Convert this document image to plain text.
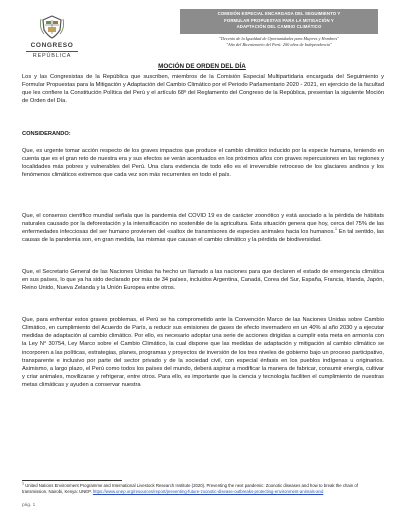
CONGRESO
REPÚBLICA
COMISIÓN ESPECIAL ENCARGADA DEL SEGUIMIENTO Y
FORMULAR PROPUESTAS PARA LA MITIGACIÓN Y
ADAPTACIÓN DEL CAMBIO CLIMÁTICO
"Decenio de la Igualdad de Oportunidades para Mujeres y Hombres"
"Año del Bicentenario del Perú: 200 años de Independencia"
MOCIÓN DE ORDEN DEL DÍA

Los y las Congresistas de la República que suscriben, miembros de la Comisión Especial Multipartidaria encargada del Seguimiento y Formular Propuestas para la Mitigación y Adaptación del Cambio Climático por el Periodo Parlamentario 2020 - 2021, en ejercicio de la facultad que les confiere la Constitución Política del Perú y el artículo 68º del Reglamento del Congreso de la República, presentan la siguiente Moción de Orden del Día.

CONSIDERANDO:

Que, es urgente tomar acción respecto de los graves impactos que produce el cambio climático inducido por la especie humana, teniendo en cuenta que es el gran reto de nuestra era y sus efectos se verán acentuados en los próximos años con graves repercusiones en las regiones y localidades más pobres y vulnerables del Perú. Una clara evidencia de todo ello es el irreversible retroceso de los glaciares andinos y los fenómenos climáticos extremos que cada vez son más recurrentes en todo el país.

Que, el consenso científico mundial señala que la pandemia del COVID 19 es de carácter zoonótico y está asociado a la pérdida de hábitats naturales causado por la deforestación y la intensificación no sostenible de la agricultura. Esta situación genera que hoy, cerca del 75% de las enfermedades infecciosas del ser humano provienen del «saltox de transmisores de especies animales hacia los humanos.$^1$ En tal sentido, las causas de la pandemia son, en gran medida, las mismas que causan el cambio climático y la pérdida de biodiversidad.

Que, el Secretario General de las Naciones Unidas ha hecho un llamado a las naciones para que declaren el estado de emergencia climática en sus países, lo que ya ha sido declarado por más de 34 países, incluidos Argentina, Canadá, Corea del Sur, España, Francia, Irlanda, Japón, Reino Unido, Nueva Zelanda y la Unión Europea entre otros.

Que, para enfrentar estos graves problemas, el Perú se ha comprometido ante la Convención Marco de las Naciones Unidas sobre Cambio Climático, en cumplimiento del Acuerdo de París, a reducir sus emisiones de gases de efecto invernadero en un 40% al año 2030 y a ejecutar medidas de adaptación al cambio climático. Por ello, es necesario adoptar una serie de acciones dirigidas a cumplir esta meta en armonía con la Ley N° 30754, Ley Marco sobre el Cambio Climático, la cual dispone que las medidas de adaptación y mitigación al cambio climático se incorporen a las políticas, estrategias, planes, programas y proyectos de inversión de los tres niveles de gobierno bajo un proceso participativo, transparente e inclusivo por parte del sector privado y de la sociedad civil, con especial énfasis en los pueblos indígenas u originarios. Asimismo, a largo plazo, el Perú como todos los países del mundo, deberá aspirar a modificar la manera de fabricar, consumir energía, cultivar y criar animales, movilizarse y refrigerar, entre otros. Para ello, es importante que la ciencia y tecnología faciliten el cumplimiento de nuestras metas climáticas y ayuden a conservar nuestra

$^1$ United Nations Environment Programme and International Livestock Research Institute (2020). Preventing the next pandemic: Zoonotic diseases and how to break the chain of transmission. Nairobi, Kenya: UNEP. https://www.unep.org/resources/report/preventing-future-zoonotic-disease-outbreaks-protecting-environment-animals-and
pág. 1
